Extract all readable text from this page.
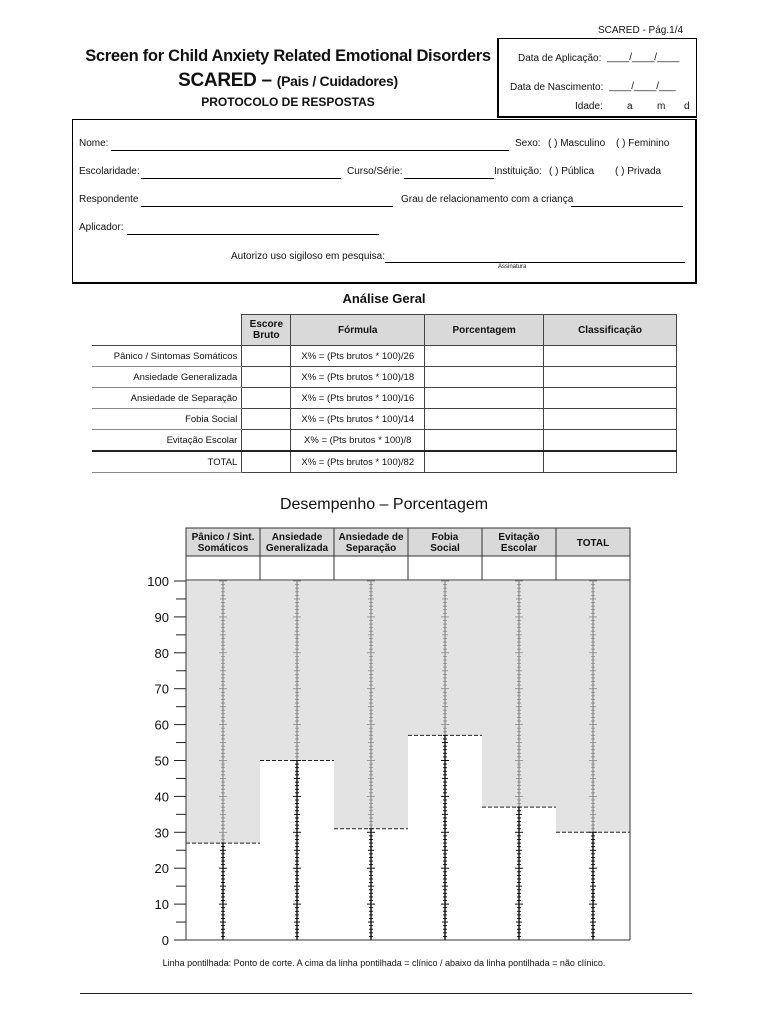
SCARED - Pág.1/4
Screen for Child Anxiety Related Emotional Disorders
SCARED – (Pais / Cuidadores)
PROTOCOLO DE RESPOSTAS
Data de Aplicação: ____/____/____
Data de Nascimento: ____/____/___
Idade: a m d
Nome:	Sexo: ( ) Masculino ( ) Feminino
Escolaridade:	Curso/Série:	Instituição: ( ) Pública ( ) Privada
Respondente	Grau de relacionamento com a criança
Aplicador:
Autorizo uso sigiloso em pesquisa:
Assinatura
Análise Geral
	Escore Bruto	Fórmula	Porcentagem	Classificação
Pânico / Sintomas Somáticos		X% = (Pts brutos * 100)/26		
Ansiedade Generalizada		X% = (Pts brutos * 100)/18		
Ansiedade de Separação		X% = (Pts brutos * 100)/16		
Fobia Social		X% = (Pts brutos * 100)/14		
Evitação Escolar		X% = (Pts brutos * 100)/8		
TOTAL		X% = (Pts brutos * 100)/82		
Desempenho – Porcentagem
Pânico / Sint.
Somáticos
Ansiedade
Generalizada
Ansiedade de
Separação
Fobia
Social
Evitação
Escolar	TOTAL
0
10
20
30
40
50
60
70
80
90
100
Linha pontilhada: Ponto de corte. A cima da linha pontilhada = clínico / abaixo da linha pontilhada = não clínico.
